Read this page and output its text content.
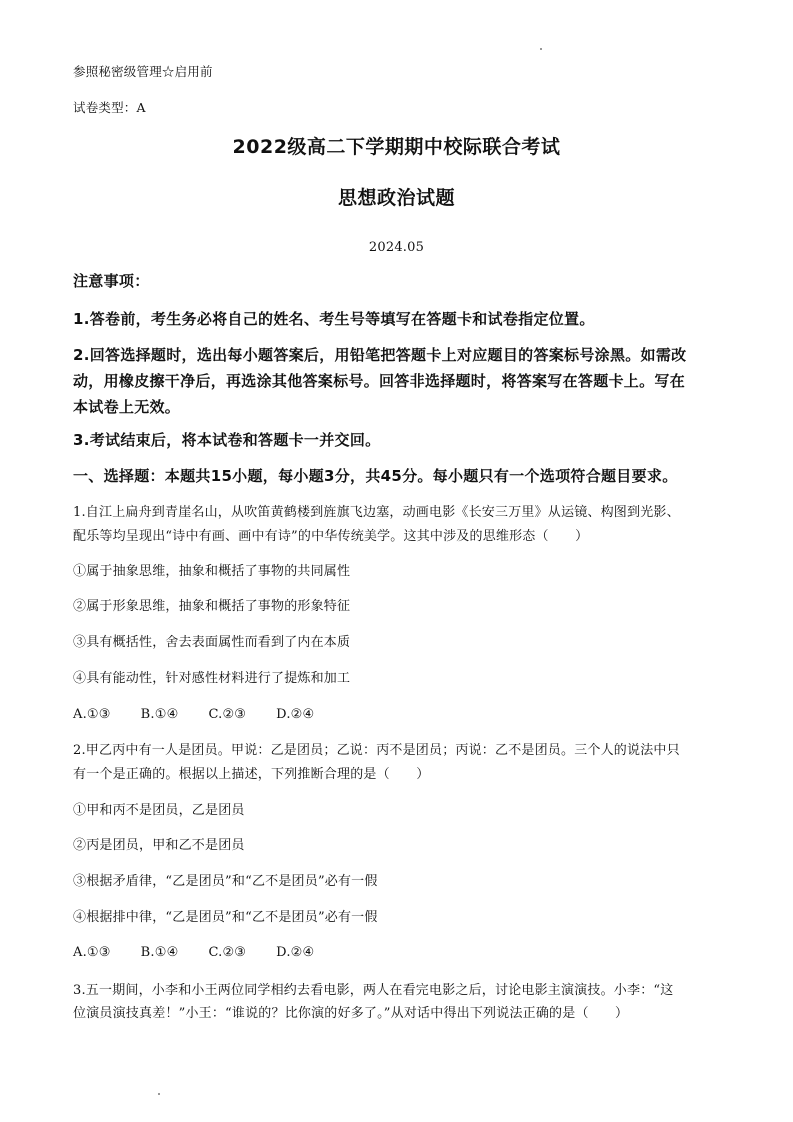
参照秘密级管理☆启用前
试卷类型：A
2022级高二下学期期中校际联合考试
思想政治试题
2024.05
注意事项：
1.答卷前，考生务必将自己的姓名、考生号等填写在答题卡和试卷指定位置。
2.回答选择题时，选出每小题答案后，用铅笔把答题卡上对应题目的答案标号涂黑。如需改
动，用橡皮擦干净后，再选涂其他答案标号。回答非选择题时，将答案写在答题卡上。写在
本试卷上无效。
3.考试结束后，将本试卷和答题卡一并交回。
一、选择题：本题共15小题，每小题3分，共45分。每小题只有一个选项符合题目要求。
1.自江上扁舟到青崖名山，从吹笛黄鹤楼到旌旗飞边塞，动画电影《长安三万里》从运镜、构图到光影、
配乐等均呈现出“诗中有画、画中有诗”的中华传统美学。这其中涉及的思维形态（　　）
①属于抽象思维，抽象和概括了事物的共同属性
②属于形象思维，抽象和概括了事物的形象特征
③具有概括性，舍去表面属性而看到了内在本质
④具有能动性，针对感性材料进行了提炼和加工
A.①③ B.①④ C.②③ D.②④
2.甲乙丙中有一人是团员。甲说：乙是团员；乙说：丙不是团员；丙说：乙不是团员。三个人的说法中只
有一个是正确的。根据以上描述，下列推断合理的是（　　）
①甲和丙不是团员，乙是团员
②丙是团员，甲和乙不是团员
③根据矛盾律，“乙是团员”和“乙不是团员”必有一假
④根据排中律，“乙是团员”和“乙不是团员”必有一假
A.①③ B.①④ C.②③ D.②④
3.五一期间，小李和小王两位同学相约去看电影，两人在看完电影之后，讨论电影主演演技。小李：“这
位演员演技真差！”小王：“谁说的？比你演的好多了。”从对话中得出下列说法正确的是（　　）
